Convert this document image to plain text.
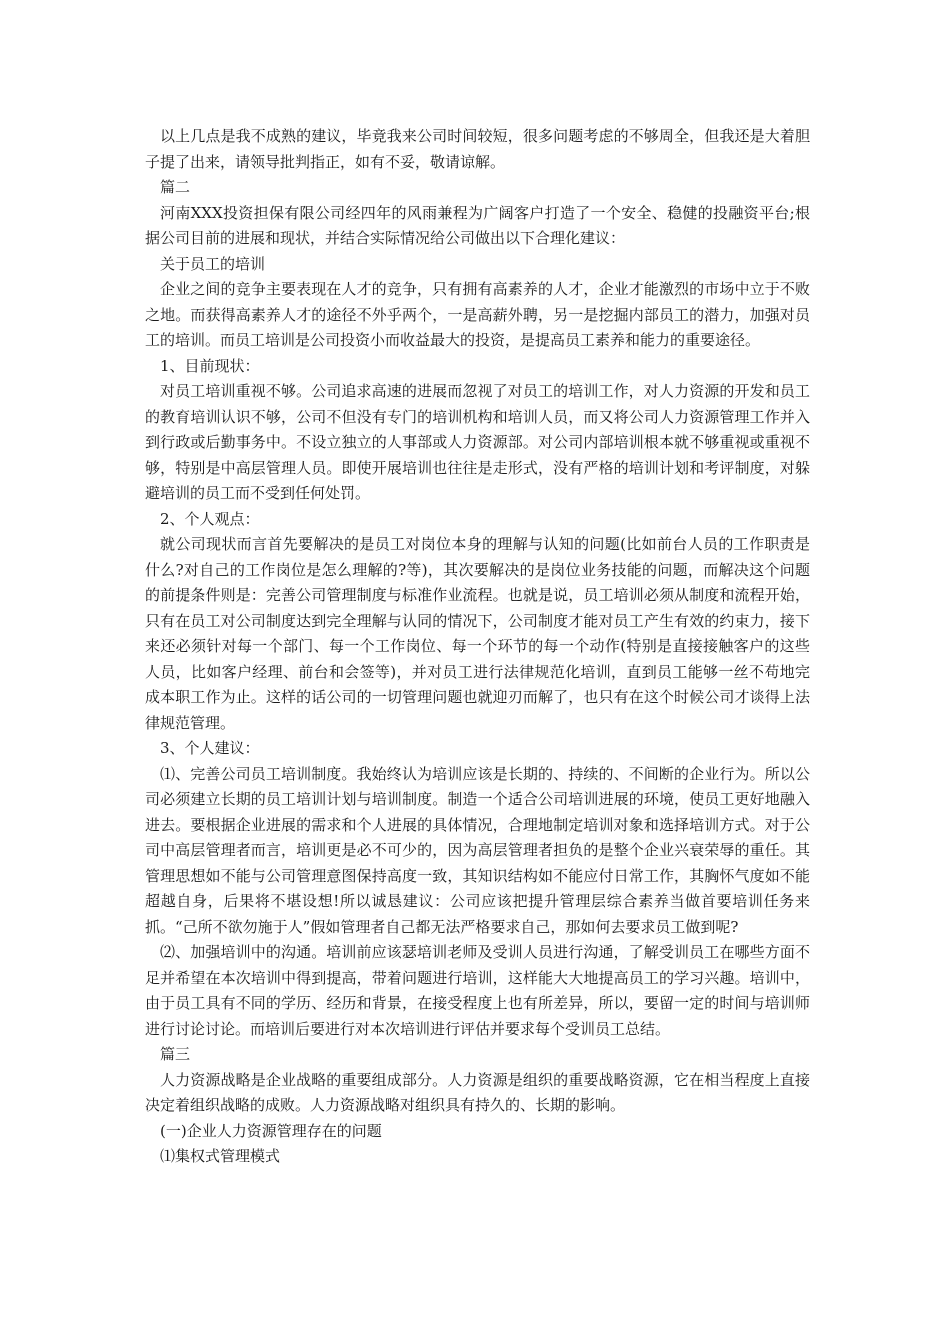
以上几点是我不成熟的建议，毕竟我来公司时间较短，很多问题考虑的不够周全，但我还是大着胆子提了出来，请领导批判指正，如有不妥，敬请谅解。

篇二

河南XXX投资担保有限公司经四年的风雨兼程为广阔客户打造了一个安全、稳健的投融资平台;根据公司目前的进展和现状，并结合实际情况给公司做出以下合理化建议：

关于员工的培训

企业之间的竞争主要表现在人才的竞争，只有拥有高素养的人才，企业才能激烈的市场中立于不败之地。而获得高素养人才的途径不外乎两个，一是高薪外聘，另一是挖掘内部员工的潜力，加强对员工的培训。而员工培训是公司投资小而收益最大的投资，是提高员工素养和能力的重要途径。

1、目前现状：

对员工培训重视不够。公司追求高速的进展而忽视了对员工的培训工作，对人力资源的开发和员工的教育培训认识不够，公司不但没有专门的培训机构和培训人员，而又将公司人力资源管理工作并入到行政或后勤事务中。不设立独立的人事部或人力资源部。对公司内部培训根本就不够重视或重视不够，特别是中高层管理人员。即使开展培训也往往是走形式，没有严格的培训计划和考评制度，对躲避培训的员工而不受到任何处罚。

2、个人观点：

就公司现状而言首先要解决的是员工对岗位本身的理解与认知的问题(比如前台人员的工作职责是什么?对自己的工作岗位是怎么理解的?等)，其次要解决的是岗位业务技能的问题，而解决这个问题的前提条件则是：完善公司管理制度与标准作业流程。也就是说，员工培训必须从制度和流程开始，只有在员工对公司制度达到完全理解与认同的情况下，公司制度才能对员工产生有效的约束力，接下来还必须针对每一个部门、每一个工作岗位、每一个环节的每一个动作(特别是直接接触客户的这些人员，比如客户经理、前台和会签等)，并对员工进行法律规范化培训，直到员工能够一丝不苟地完成本职工作为止。这样的话公司的一切管理问题也就迎刃而解了，也只有在这个时候公司才谈得上法律规范管理。

3、个人建议：

⑴、完善公司员工培训制度。我始终认为培训应该是长期的、持续的、不间断的企业行为。所以公司必须建立长期的员工培训计划与培训制度。制造一个适合公司培训进展的环境，使员工更好地融入进去。要根据企业进展的需求和个人进展的具体情况，合理地制定培训对象和选择培训方式。对于公司中高层管理者而言，培训更是必不可少的，因为高层管理者担负的是整个企业兴衰荣辱的重任。其管理思想如不能与公司管理意图保持高度一致，其知识结构如不能应付日常工作，其胸怀气度如不能超越自身，后果将不堪设想!所以诚恳建议：公司应该把提升管理层综合素养当做首要培训任务来抓。“己所不欲勿施于人”假如管理者自己都无法严格要求自己，那如何去要求员工做到呢?

⑵、加强培训中的沟通。培训前应该瑟培训老师及受训人员进行沟通，了解受训员工在哪些方面不足并希望在本次培训中得到提高，带着问题进行培训，这样能大大地提高员工的学习兴趣。培训中，由于员工具有不同的学历、经历和背景，在接受程度上也有所差异，所以，要留一定的时间与培训师进行讨论讨论。而培训后要进行对本次培训进行评估并要求每个受训员工总结。

篇三

人力资源战略是企业战略的重要组成部分。人力资源是组织的重要战略资源，它在相当程度上直接决定着组织战略的成败。人力资源战略对组织具有持久的、长期的影响。

(一)企业人力资源管理存在的问题

⑴集权式管理模式
